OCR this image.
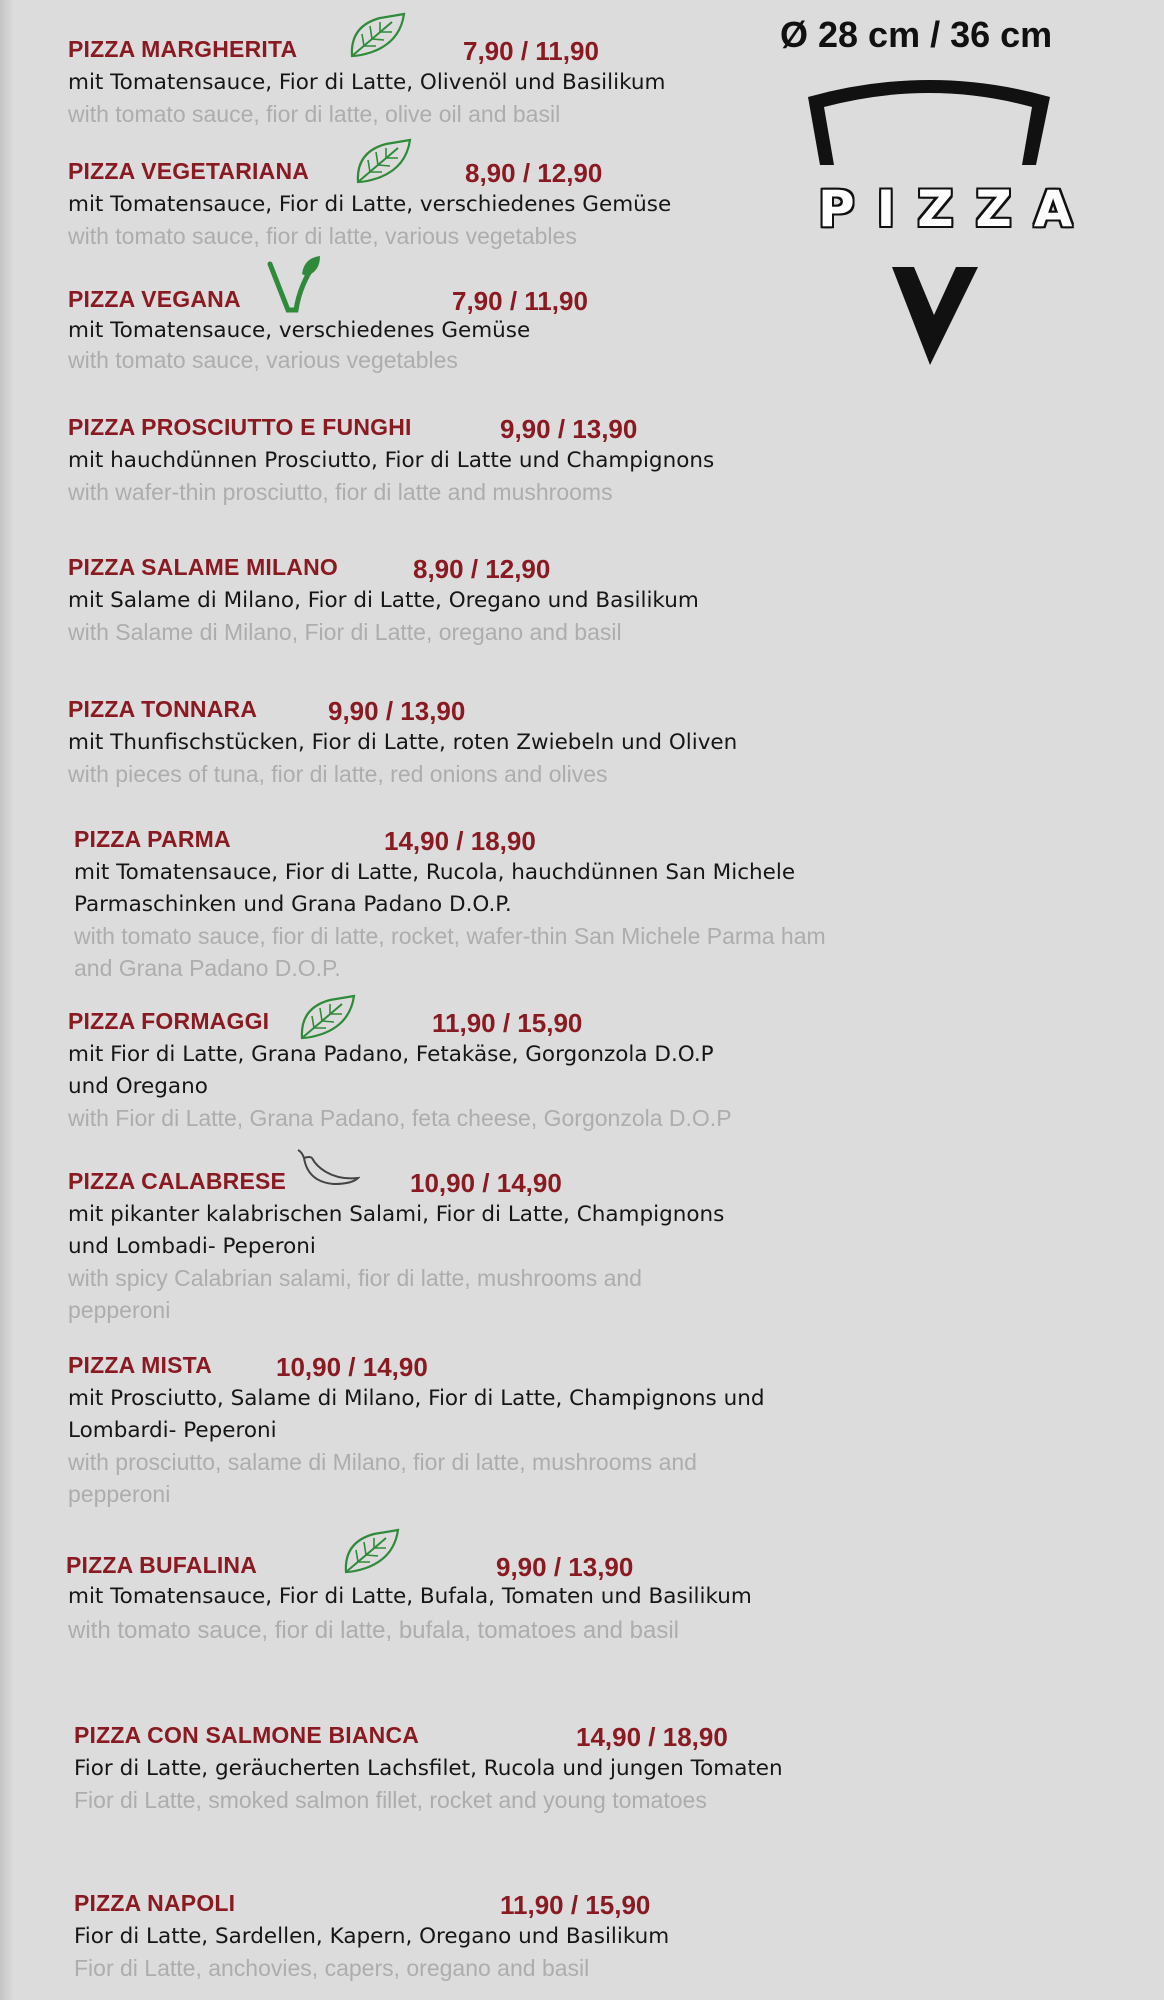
Ø 28 cm / 36 cm
PIZZA
PIZZA MARGHERITA	7,90 / 11,90
mit Tomatensauce, Fior di Latte, Olivenöl und Basilikum
with tomato sauce, fior di latte, olive oil and basil
PIZZA VEGETARIANA	8,90 / 12,90
mit Tomatensauce, Fior di Latte, verschiedenes Gemüse
with tomato sauce, fior di latte, various vegetables
PIZZA VEGANA	7,90 / 11,90
mit Tomatensauce, verschiedenes Gemüse
with tomato sauce, various vegetables
PIZZA PROSCIUTTO E FUNGHI	9,90 / 13,90
mit hauchdünnen Prosciutto, Fior di Latte und Champignons
with wafer-thin prosciutto, fior di latte and mushrooms
PIZZA SALAME MILANO	8,90 / 12,90
mit Salame di Milano, Fior di Latte, Oregano und Basilikum
with Salame di Milano, Fior di Latte, oregano and basil
PIZZA TONNARA	9,90 / 13,90
mit Thunfischstücken, Fior di Latte, roten Zwiebeln und Oliven
with pieces of tuna, fior di latte, red onions and olives
PIZZA PARMA	14,90 / 18,90
mit Tomatensauce, Fior di Latte, Rucola, hauchdünnen San Michele
Parmaschinken und Grana Padano D.O.P.
with tomato sauce, fior di latte, rocket, wafer-thin San Michele Parma ham
and Grana Padano D.O.P.
PIZZA FORMAGGI	11,90 / 15,90
mit Fior di Latte, Grana Padano, Fetakäse, Gorgonzola D.O.P
und Oregano
with Fior di Latte, Grana Padano, feta cheese, Gorgonzola D.O.P
PIZZA CALABRESE	10,90 / 14,90
mit pikanter kalabrischen Salami, Fior di Latte, Champignons
und Lombadi- Peperoni
with spicy Calabrian salami, fior di latte, mushrooms and
pepperoni
PIZZA MISTA 10,90 / 14,90
mit Prosciutto, Salame di Milano, Fior di Latte, Champignons und
Lombardi- Peperoni
with prosciutto, salame di Milano, fior di latte, mushrooms and
pepperoni
PIZZA BUFALINA	9,90 / 13,90
mit Tomatensauce, Fior di Latte, Bufala, Tomaten und Basilikum
with tomato sauce, fior di latte, bufala, tomatoes and basil
PIZZA CON SALMONE BIANCA	14,90 / 18,90
Fior di Latte, geräucherten Lachsfilet, Rucola und jungen Tomaten
Fior di Latte, smoked salmon fillet, rocket and young tomatoes
PIZZA NAPOLI	11,90 / 15,90
Fior di Latte, Sardellen, Kapern, Oregano und Basilikum
Fior di Latte, anchovies, capers, oregano and basil
